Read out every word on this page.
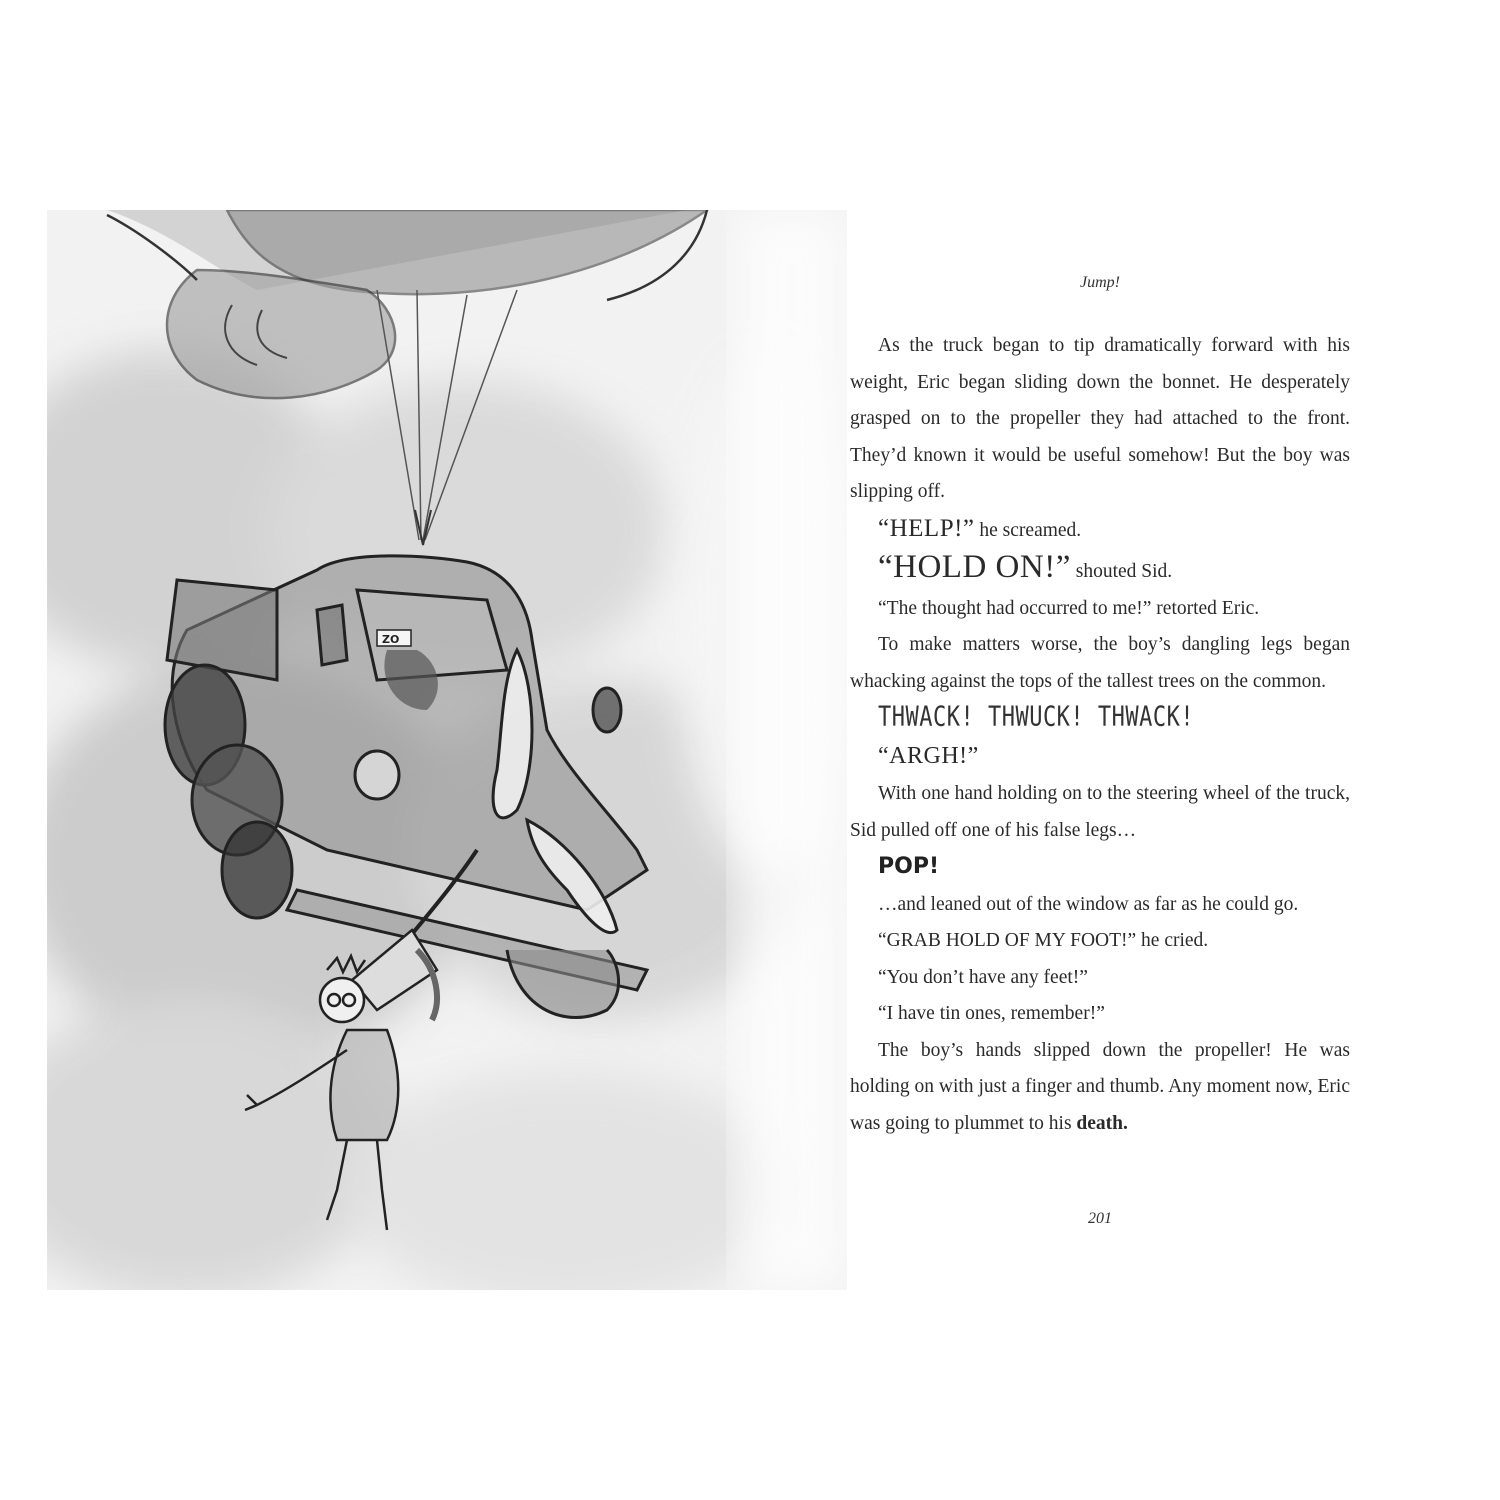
ZO
Jump!

As the truck began to tip dramatically forward with his weight, Eric began sliding down the bonnet. He desperately grasped on to the propeller they had attached to the front. They’d known it would be useful somehow! But the boy was slipping off.

“HELP!” he screamed.

“HOLD ON!” shouted Sid.

“The thought had occurred to me!” retorted Eric.

To make matters worse, the boy’s dangling legs began whacking against the tops of the tallest trees on the common.

THWACK! THWUCK! THWACK!

“ARGH!”

With one hand holding on to the steering wheel of the truck, Sid pulled off one of his false legs…

POP!

…and leaned out of the window as far as he could go.

“GRAB HOLD OF MY FOOT!” he cried.

“You don’t have any feet!”

“I have tin ones, remember!”

The boy’s hands slipped down the propeller! He was holding on with just a finger and thumb. Any moment now, Eric was going to plummet to his death.

201
